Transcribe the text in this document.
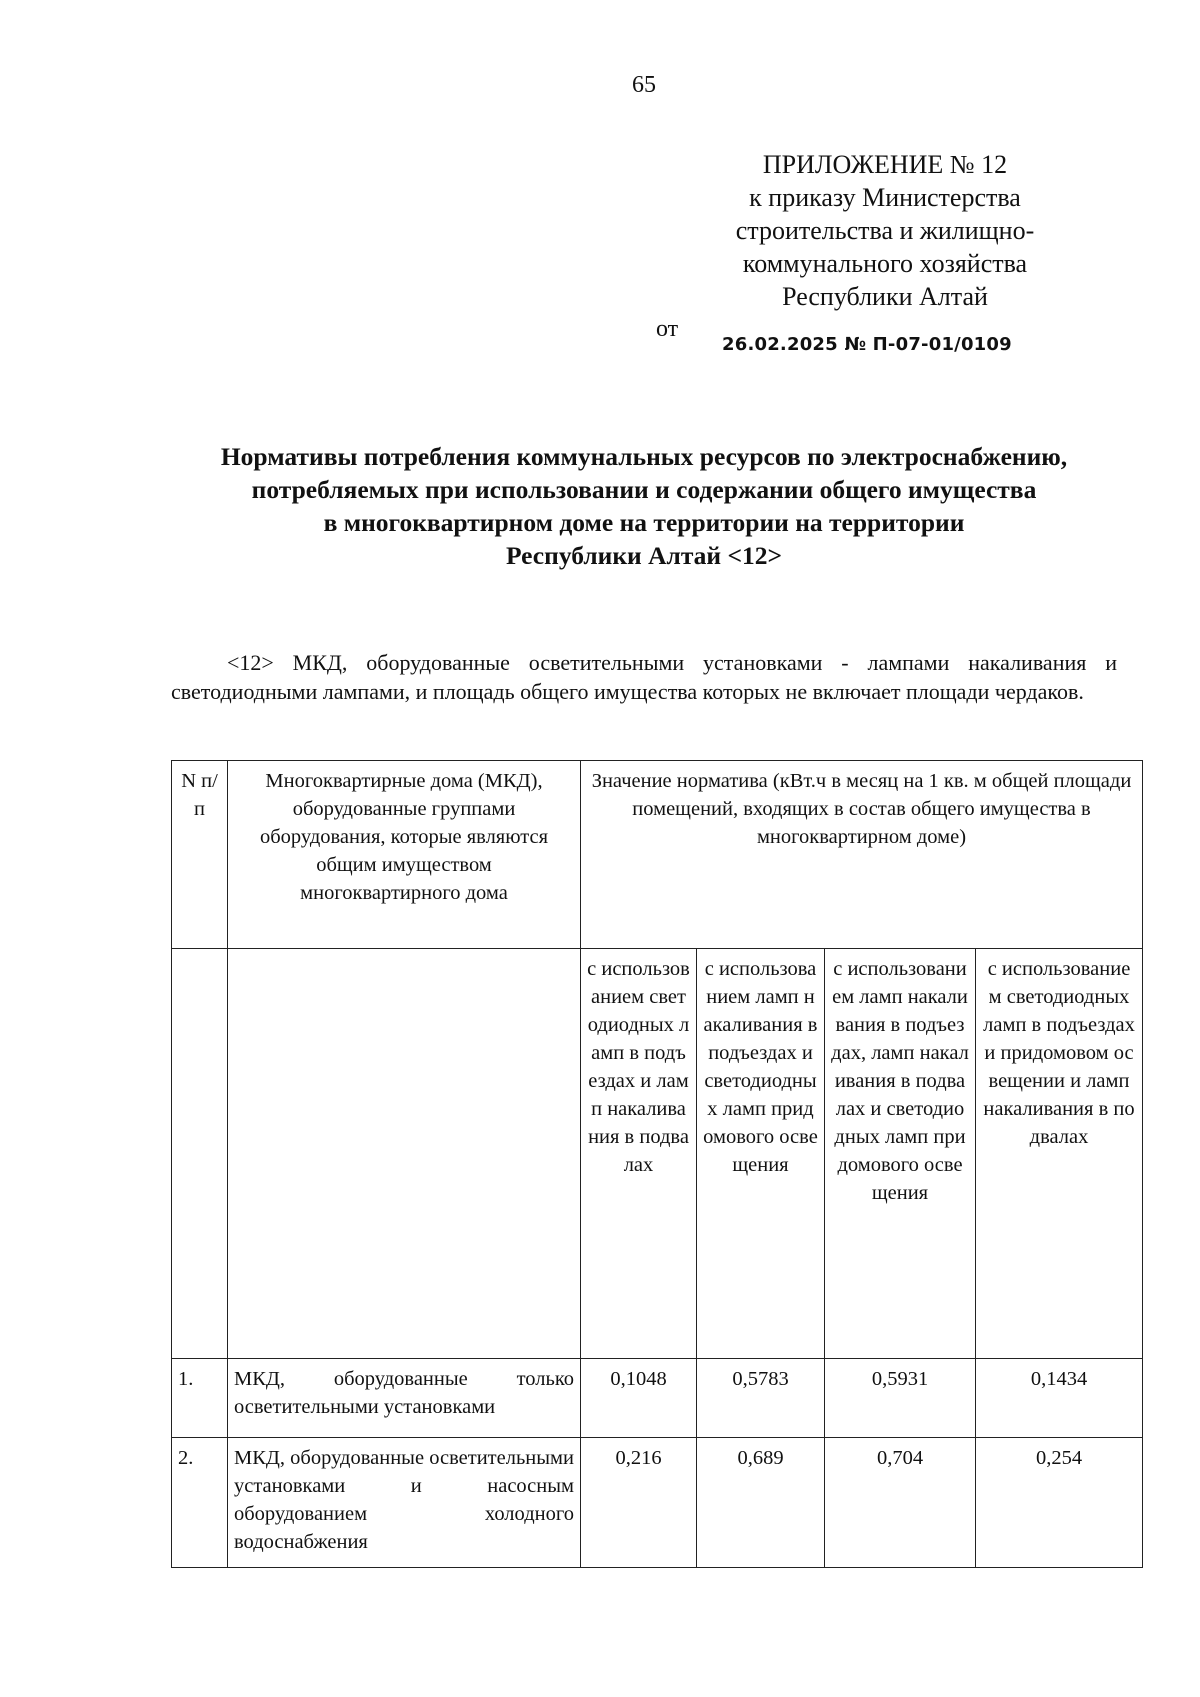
65
ПРИЛОЖЕНИЕ № 12
к приказу Министерства
строительства и жилищно-
коммунального хозяйства
Республики Алтай
от
26.02.2025 № П-07-01/0109
Нормативы потребления коммунальных ресурсов по электроснабжению,
потребляемых при использовании и содержании общего имущества
в многоквартирном доме на территории на территории
Республики Алтай <12>

<12> МКД, оборудованные осветительными установками - лампами накаливания и светодиодными лампами, и площадь общего имущества которых не включает площади чердаков.

N п/п	Многоквартирные дома (МКД), оборудованные группами оборудования, которые являются общим имуществом многоквартирного дома	Значение норматива (кВт.ч в месяц на 1 кв. м общей площади помещений, входящих в состав общего имущества в многоквартирном доме)			
		с использованием светодиодных ламп в подъездах и ламп накаливания в подвалах	с использованием ламп накаливания в подъездах и светодиодных ламп придомового освещения	с использованием ламп накаливания в подъездах, ламп накаливания в подвалах и светодиодных ламп придомового освещения	с использованием светодиодных ламп в подъездах и придомовом освещении и ламп накаливания в подвалах
1.	МКД, оборудованные только осветительными установками	0,1048	0,5783	0,5931	0,1434
2.	МКД, оборудованные осветительными установками и насосным оборудованием холодного водоснабжения	0,216	0,689	0,704	0,254
